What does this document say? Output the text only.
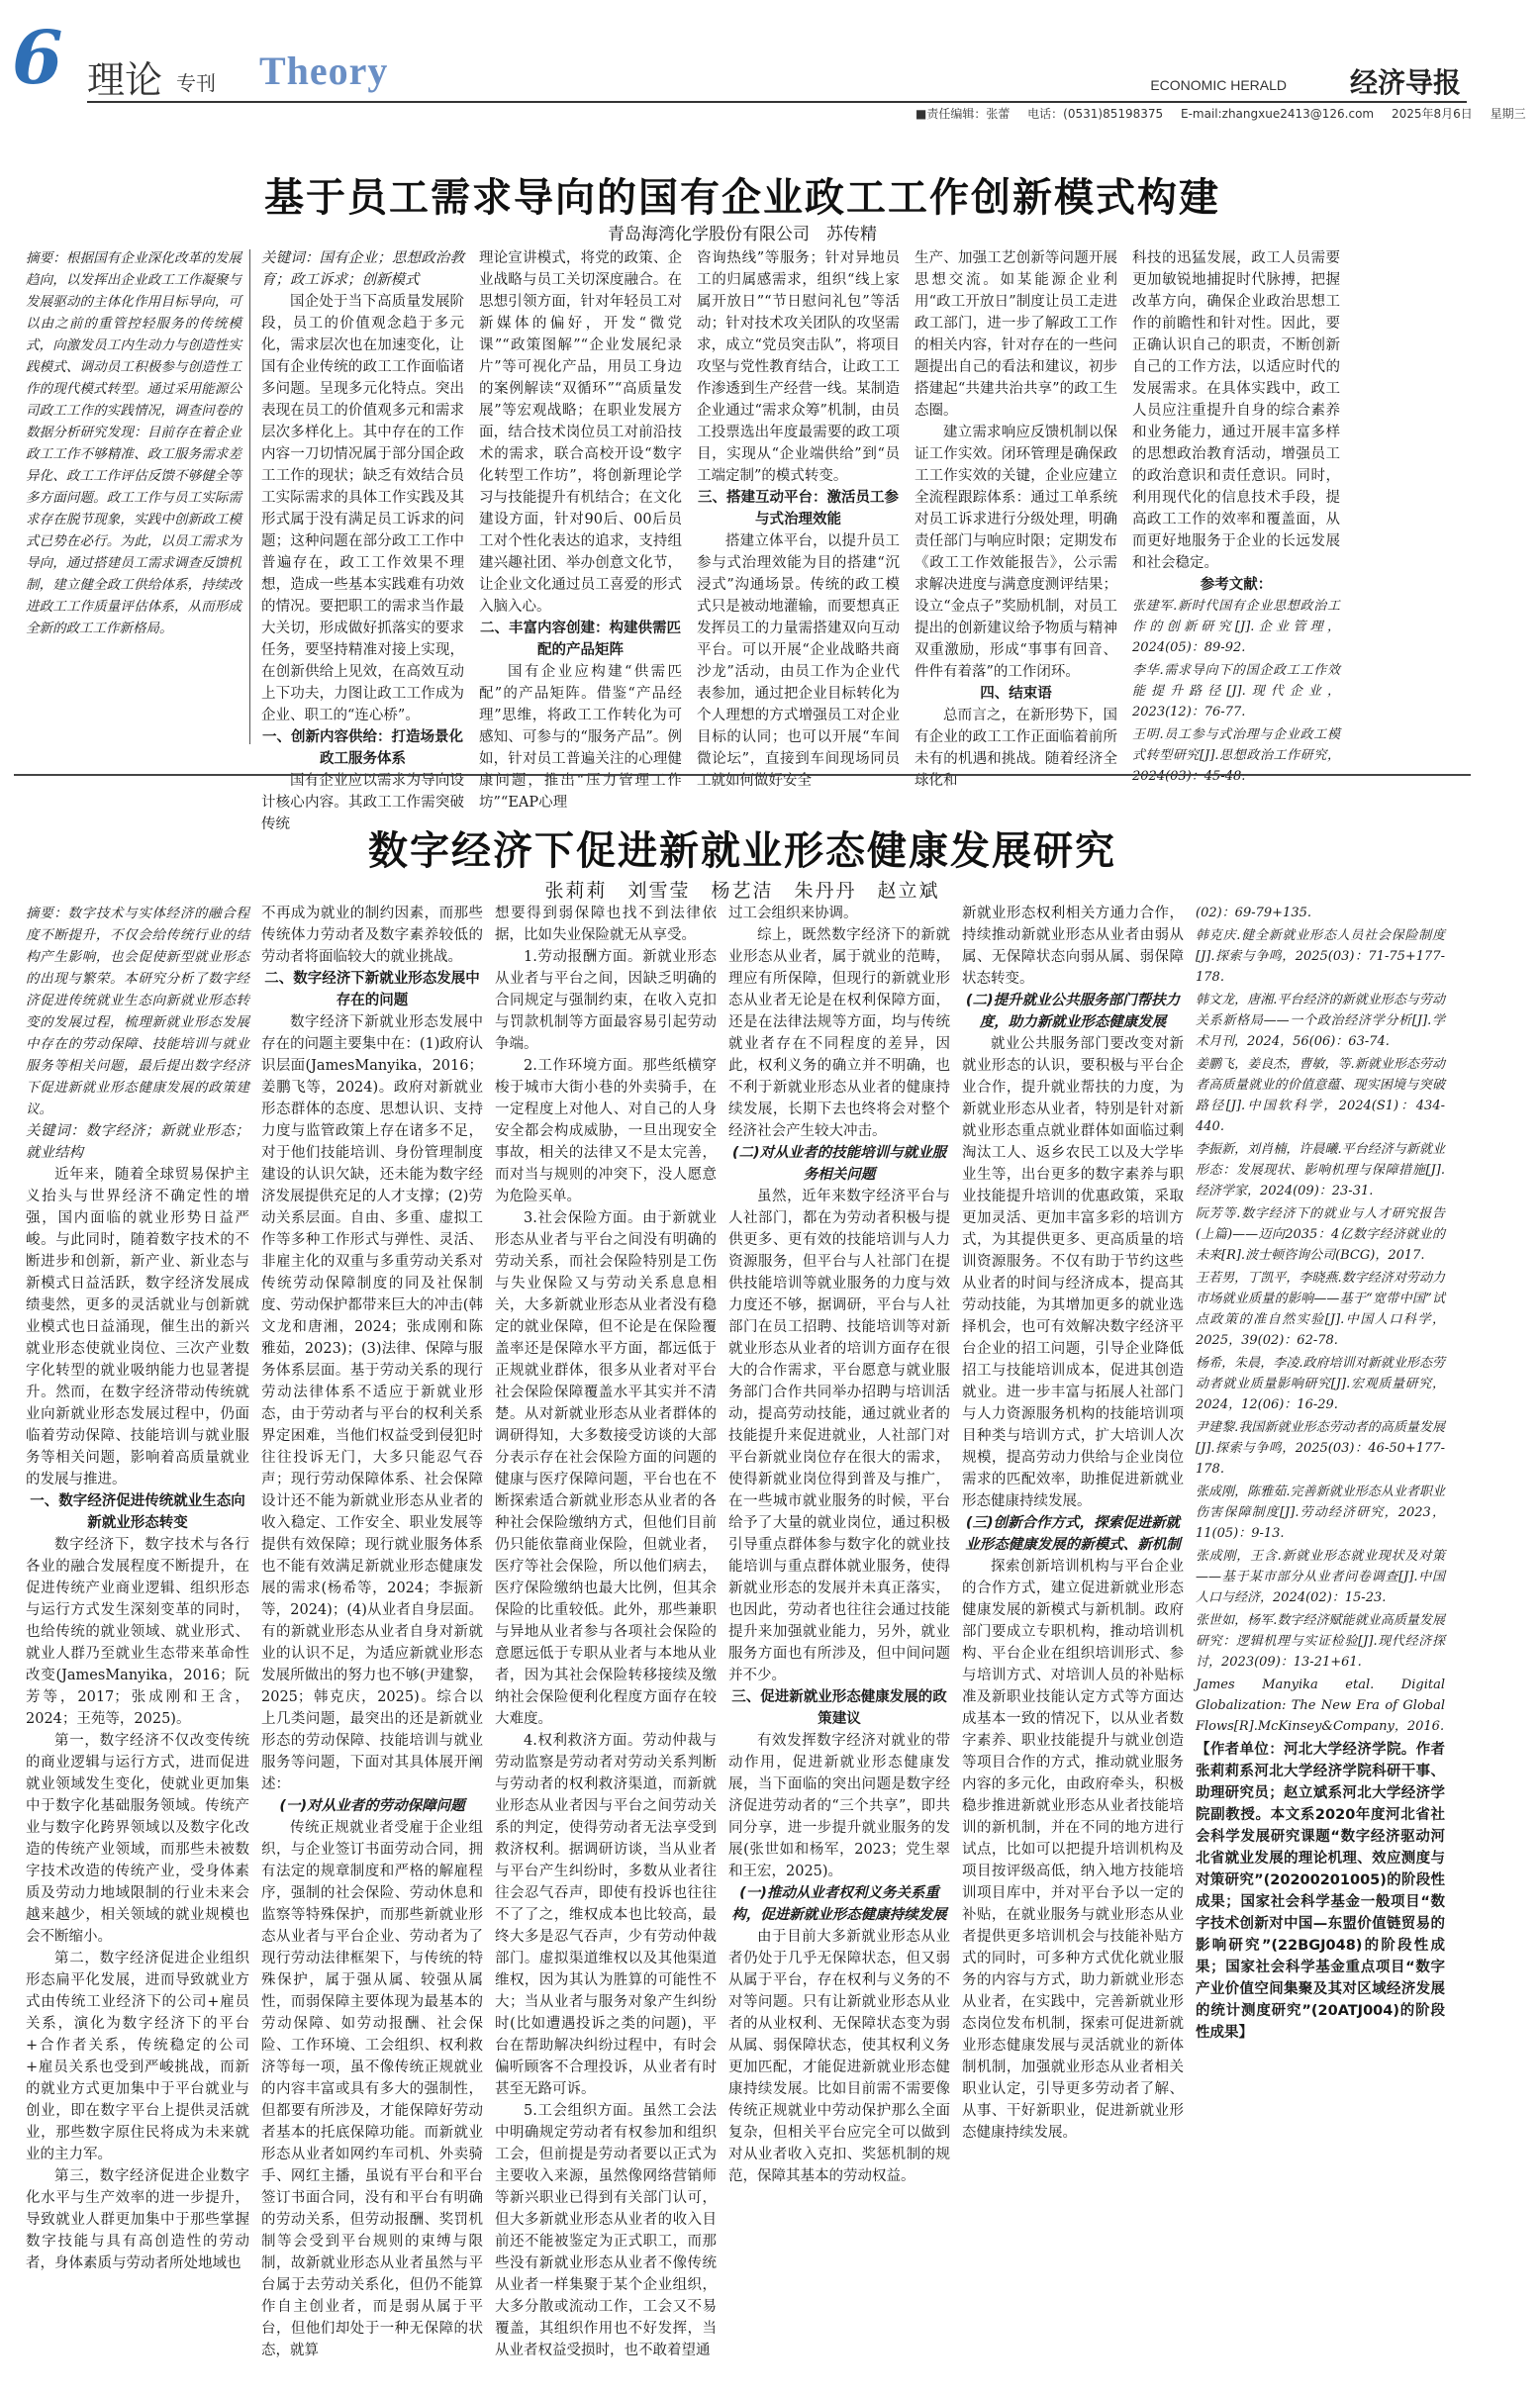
6 理论 专刊 Theory	ECONOMIC HERALD 经济导报
■责任编辑：张蕾 电话：(0531)85198375 E-mail:zhangxue2413@126.com 2025年8月6日 星期三
基于员工需求导向的国有企业政工工作创新模式构建
青岛海湾化学股份有限公司　苏传精

摘要：根据国有企业深化改革的发展趋向，以发挥出企业政工工作凝聚与发展驱动的主体化作用目标导向，可以由之前的重管控轻服务的传统模式，向激发员工内生动力与创造性实践模式、调动员工积极参与创造性工作的现代模式转型。通过采用能源公司政工工作的实践情况，调查问卷的数据分析研究发现：目前存在着企业政工工作不够精准、政工服务需求差异化、政工工作评估反馈不够健全等多方面问题。政工工作与员工实际需求存在脱节现象，实践中创新政工模式已势在必行。为此，以员工需求为导向，通过搭建员工需求调查反馈机制，建立健全政工供给体系，持续改进政工工作质量评估体系，从而形成全新的政工工作新格局。

关键词：国有企业；思想政治教育；政工诉求；创新模式

国企处于当下高质量发展阶段，员工的价值观念趋于多元化，需求层次也在加速变化，让国有企业传统的政工工作面临诸多问题。呈现多元化特点。突出表现在员工的价值观多元和需求层次多样化上。其中存在的工作内容一刀切情况属于部分国企政工工作的现状；缺乏有效结合员工实际需求的具体工作实践及其形式属于没有满足员工诉求的问题；这种问题在部分政工工作中普遍存在，政工工作效果不理想，造成一些基本实践难有功效的情况。要把职工的需求当作最大关切，形成做好抓落实的要求任务，要坚持精准对接上实现，在创新供给上见效，在高效互动上下功夫，力图让政工工作成为企业、职工的“连心桥”。

一、创新内容供给：打造场景化政工服务体系

国有企业应以需求为导向设计核心内容。其政工工作需突破传统

理论宣讲模式，将党的政策、企业战略与员工关切深度融合。在思想引领方面，针对年轻员工对新媒体的偏好，开发“微党课”“政策图解”“企业发展纪录片”等可视化产品，用员工身边的案例解读“双循环”“高质量发展”等宏观战略；在职业发展方面，结合技术岗位员工对前沿技术的需求，联合高校开设“数字化转型工作坊”，将创新理论学习与技能提升有机结合；在文化建设方面，针对90后、00后员工对个性化表达的追求，支持组建兴趣社团、举办创意文化节，让企业文化通过员工喜爱的形式入脑入心。

二、丰富内容创建：构建供需匹配的产品矩阵

国有企业应构建“供需匹配”的产品矩阵。借鉴“产品经理”思维，将政工工作转化为可感知、可参与的“服务产品”。例如，针对员工普遍关注的心理健康问题，推出“压力管理工作坊”“EAP心理

咨询热线”等服务；针对异地员工的归属感需求，组织“线上家属开放日”“节日慰问礼包”等活动；针对技术攻关团队的攻坚需求，成立“党员突击队”，将项目攻坚与党性教育结合，让政工工作渗透到生产经营一线。某制造企业通过“需求众筹”机制，由员工投票选出年度最需要的政工项目，实现从“企业端供给”到“员工端定制”的模式转变。

三、搭建互动平台：激活员工参与式治理效能

搭建立体平台，以提升员工参与式治理效能为目的搭建“沉浸式”沟通场景。传统的政工模式只是被动地灌输，而要想真正发挥员工的力量需搭建双向互动平台。可以开展“企业战略共商沙龙”活动，由员工作为企业代表参加，通过把企业目标转化为个人理想的方式增强员工对企业目标的认同；也可以开展“车间微论坛”，直接到车间现场同员工就如何做好安全

生产、加强工艺创新等问题开展思想交流。如某能源企业利用“政工开放日”制度让员工走进政工部门，进一步了解政工工作的相关内容，针对存在的一些问题提出自己的看法和建议，初步搭建起“共建共治共享”的政工生态圈。

建立需求响应反馈机制以保证工作实效。闭环管理是确保政工工作实效的关键，企业应建立全流程跟踪体系：通过工单系统对员工诉求进行分级处理，明确责任部门与响应时限；定期发布《政工工作效能报告》，公示需求解决进度与满意度测评结果；设立“金点子”奖励机制，对员工提出的创新建议给予物质与精神双重激励，形成“事事有回音、件件有着落”的工作闭环。

四、结束语

总而言之，在新形势下，国有企业的政工工作正面临着前所未有的机遇和挑战。随着经济全球化和

科技的迅猛发展，政工人员需要更加敏锐地捕捉时代脉搏，把握改革方向，确保企业政治思想工作的前瞻性和针对性。因此，要正确认识自己的职责，不断创新自己的工作方法，以适应时代的发展需求。在具体实践中，政工人员应注重提升自身的综合素养和业务能力，通过开展丰富多样的思想政治教育活动，增强员工的政治意识和责任意识。同时，利用现代化的信息技术手段，提高政工工作的效率和覆盖面，从而更好地服务于企业的长远发展和社会稳定。

参考文献：

张建军.新时代国有企业思想政治工作的创新研究[J].企业管理，2024(05)：89-92.

李华.需求导向下的国企政工工作效能提升路径[J].现代企业，2023(12)：76-77.

王明.员工参与式治理与企业政工模式转型研究[J].思想政治工作研究，2024(03)：45-48.

数字经济下促进新就业形态健康发展研究
张莉莉　刘雪莹　杨艺洁　朱丹丹　赵立斌

摘要：数字技术与实体经济的融合程度不断提升，不仅会给传统行业的结构产生影响，也会促使新型就业形态的出现与繁荣。本研究分析了数字经济促进传统就业生态向新就业形态转变的发展过程，梳理新就业形态发展中存在的劳动保障、技能培训与就业服务等相关问题，最后提出数字经济下促进新就业形态健康发展的政策建议。

关键词：数字经济；新就业形态；就业结构

近年来，随着全球贸易保护主义抬头与世界经济不确定性的增强，国内面临的就业形势日益严峻。与此同时，随着数字技术的不断进步和创新，新产业、新业态与新模式日益活跃，数字经济发展成绩斐然，更多的灵活就业与创新就业模式也日益涌现，催生出的新兴就业形态使就业岗位、三次产业数字化转型的就业吸纳能力也显著提升。然而，在数字经济带动传统就业向新就业形态发展过程中，仍面临着劳动保障、技能培训与就业服务等相关问题，影响着高质量就业的发展与推进。

一、数字经济促进传统就业生态向新就业形态转变

数字经济下，数字技术与各行各业的融合发展程度不断提升，在促进传统产业商业逻辑、组织形态与运行方式发生深刻变革的同时，也给传统的就业领域、就业形式、就业人群乃至就业生态带来革命性改变(JamesManyika，2016；阮芳等，2017；张成刚和王含，2024；王苑等，2025)。

第一，数字经济不仅改变传统的商业逻辑与运行方式，进而促进就业领域发生变化，使就业更加集中于数字化基础服务领域。传统产业与数字化跨界领域以及数字化改造的传统产业领域，而那些未被数字技术改造的传统产业，受身体素质及劳动力地域限制的行业未来会越来越少，相关领域的就业规模也会不断缩小。

第二，数字经济促进企业组织形态扁平化发展，进而导致就业方式由传统工业经济下的公司+雇员关系，演化为数字经济下的平台+合作者关系，传统稳定的公司+雇员关系也受到严峻挑战，而新的就业方式更加集中于平台就业与创业，即在数字平台上提供灵活就业，那些数字原住民将成为未来就业的主力军。

第三，数字经济促进企业数字化水平与生产效率的进一步提升，导致就业人群更加集中于那些掌握数字技能与具有高创造性的劳动者，身体素质与劳动者所处地域也

不再成为就业的制约因素，而那些传统体力劳动者及数字素养较低的劳动者将面临较大的就业挑战。

二、数字经济下新就业形态发展中存在的问题

数字经济下新就业形态发展中存在的问题主要集中在：(1)政府认识层面(JamesManyika，2016；姜鹏飞等，2024)。政府对新就业形态群体的态度、思想认识、支持力度与监管政策上存在诸多不足，对于他们技能培训、身份管理制度建设的认识欠缺，还未能为数字经济发展提供充足的人才支撑；(2)劳动关系层面。自由、多重、虚拟工作等多种工作形式与弹性、灵活、非雇主化的双重与多重劳动关系对传统劳动保障制度的同及社保制度、劳动保护都带来巨大的冲击(韩文龙和唐湘，2024；张成刚和陈雅茹，2023)；(3)法律、保障与服务体系层面。基于劳动关系的现行劳动法律体系不适应于新就业形态，由于劳动者与平台的权利关系界定困难，当他们权益受到侵犯时往往投诉无门，大多只能忍气吞声；现行劳动保障体系、社会保障设计还不能为新就业形态从业者的收入稳定、工作安全、职业发展等提供有效保障；现行就业服务体系也不能有效满足新就业形态健康发展的需求(杨希等，2024；李振新等，2024)；(4)从业者自身层面。有的新就业形态从业者自身对新就业的认识不足，为适应新就业形态发展所做出的努力也不够(尹建黎，2025；韩克庆，2025)。综合以上几类问题，最突出的还是新就业形态的劳动保障、技能培训与就业服务等问题，下面对其具体展开阐述：

(一)对从业者的劳动保障问题

传统正规就业者受雇于企业组织，与企业签订书面劳动合同，拥有法定的规章制度和严格的解雇程序，强制的社会保险、劳动休息和监察等特殊保护，而那些新就业形态从业者与平台企业、劳动者为了现行劳动法律框架下，与传统的特殊保护，属于强从属、较强从属性，而弱保障主要体现为最基本的劳动保障、如劳动报酬、社会保险、工作环境、工会组织、权利救济等每一项，虽不像传统正规就业的内容丰富或具有多大的强制性，但都要有所涉及，才能保障好劳动者基本的托底保障功能。而新就业形态从业者如网约车司机、外卖骑手、网红主播，虽说有平台和平台签订书面合同，没有和平台有明确的劳动关系，但劳动报酬、奖罚机制等会受到平台规则的束缚与限制，故新就业形态从业者虽然与平台属于去劳动关系化，但仍不能算作自主创业者，而是弱从属于平台，但他们却处于一种无保障的状态，就算

想要得到弱保障也找不到法律依据，比如失业保险就无从享受。

1.劳动报酬方面。新就业形态从业者与平台之间，因缺乏明确的合同规定与强制约束，在收入克扣与罚款机制等方面最容易引起劳动争端。

2.工作环境方面。那些纸横穿梭于城市大街小巷的外卖骑手，在一定程度上对他人、对自己的人身安全都会构成威胁，一旦出现安全事故，相关的法律又不是太完善，而对当与规则的冲突下，没人愿意为危险买单。

3.社会保险方面。由于新就业形态从业者与平台之间没有明确的劳动关系，而社会保险特别是工伤与失业保险又与劳动关系息息相关，大多新就业形态从业者没有稳定的就业保障，但不论是在保险覆盖率还是保障水平方面，都远低于正规就业群体，很多从业者对平台社会保险保障覆盖水平其实并不清楚。从对新就业形态从业者群体的调研得知，大多数接受访谈的大部分表示存在社会保险方面的问题的健康与医疗保障问题，平台也在不断探索适合新就业形态从业者的各种社会保险缴纳方式，但他们目前仍只能依靠商业保险，但就业者，医疗等社会保险，所以他们病去，医疗保险缴纳也最大比例，但其余保险的比重较低。此外，那些兼职与异地从业者参与各项社会保险的意愿远低于专职从业者与本地从业者，因为其社会保险转移接续及缴纳社会保险便利化程度方面存在较大难度。

4.权利救济方面。劳动仲裁与劳动监察是劳动者对劳动关系判断与劳动者的权利救济渠道，而新就业形态从业者因与平台之间劳动关系的判定，使得劳动者无法享受到救济权利。据调研访谈，当从业者与平台产生纠纷时，多数从业者往往会忍气吞声，即使有投诉也往往不了了之，维权成本也比较高，最终大多是忍气吞声，少有劳动仲裁部门。虚拟渠道维权以及其他渠道维权，因为其认为胜算的可能性不大；当从业者与服务对象产生纠纷时(比如遭遇投诉之类的问题)，平台在帮助解决纠纷过程中，有时会偏听顾客不合理投诉，从业者有时甚至无路可诉。

5.工会组织方面。虽然工会法中明确规定劳动者有权参加和组织工会，但前提是劳动者要以正式为主要收入来源，虽然像网络营销师等新兴职业已得到有关部门认可，但大多新就业形态从业者的收入目前还不能被鉴定为正式职工，而那些没有新就业形态从业者不像传统从业者一样集聚于某个企业组织，大多分散或流动工作，工会又不易覆盖，其组织作用也不好发挥，当从业者权益受损时，也不敢着望通

过工会组织来协调。

综上，既然数字经济下的新就业形态从业者，属于就业的范畴，理应有所保障，但现行的新就业形态从业者无论是在权利保障方面，还是在法律法规等方面，均与传统就业者存在不同程度的差异，因此，权利义务的确立并不明确，也不利于新就业形态从业者的健康持续发展，长期下去也终将会对整个经济社会产生较大冲击。

(二)对从业者的技能培训与就业服务相关问题

虽然，近年来数字经济平台与人社部门，都在为劳动者积极与提供更多、更有效的技能培训与人力资源服务，但平台与人社部门在提供技能培训等就业服务的力度与效力度还不够，据调研，平台与人社部门在员工招聘、技能培训等对新就业形态从业者的培训方面存在很大的合作需求，平台愿意与就业服务部门合作共同举办招聘与培训活动，提高劳动技能，通过就业者的技能提升来促进就业，人社部门对平台新就业岗位存在很大的需求，使得新就业岗位得到普及与推广，在一些城市就业服务的时候，平台给予了大量的就业岗位，通过积极引导重点群体参与数字化的就业技能培训与重点群体就业服务，使得新就业形态的发展并未真正落实，也因此，劳动者也往往会通过技能提升来加强就业能力，另外，就业服务方面也有所涉及，但中间问题并不少。

三、促进新就业形态健康发展的政策建议

有效发挥数字经济对就业的带动作用，促进新就业形态健康发展，当下面临的突出问题是数字经济促进劳动者的“三个共享”，即共同分享，进一步提升就业服务的发展(张世如和杨军，2023；党生翠和王宏，2025)。

(一)推动从业者权利义务关系重构，促进新就业形态健康持续发展

由于目前大多新就业形态从业者仍处于几乎无保障状态，但又弱从属于平台，存在权利与义务的不对等问题。只有让新就业形态从业者的从业权利、无保障状态变为弱从属、弱保障状态，使其权利义务更加匹配，才能促进新就业形态健康持续发展。比如目前需不需要像传统正规就业中劳动保护那么全面复杂，但相关平台应完全可以做到对从业者收入克扣、奖惩机制的规范，保障其基本的劳动权益。

新就业形态权利相关方通力合作，持续推动新就业形态从业者由弱从属、无保障状态向弱从属、弱保障状态转变。

(二)提升就业公共服务部门帮扶力度，助力新就业形态健康发展

就业公共服务部门要改变对新就业形态的认识，要积极与平台企业合作，提升就业帮扶的力度，为新就业形态从业者，特别是针对新就业形态重点就业群体如面临过剩淘汰工人、返乡农民工以及大学毕业生等，出台更多的数字素养与职业技能提升培训的优惠政策，采取更加灵活、更加丰富多彩的培训方式，为其提供更多、更高质量的培训资源服务。不仅有助于节约这些从业者的时间与经济成本，提高其劳动技能，为其增加更多的就业选择机会，也可有效解决数字经济平台企业的招工问题，引导企业降低招工与技能培训成本，促进其创造就业。进一步丰富与拓展人社部门与人力资源服务机构的技能培训项目种类与培训方式，扩大培训人次规模，提高劳动力供给与企业岗位需求的匹配效率，助推促进新就业形态健康持续发展。

(三)创新合作方式，探索促进新就业形态健康发展的新模式、新机制

探索创新培训机构与平台企业的合作方式，建立促进新就业形态健康发展的新模式与新机制。政府部门要成立专职机构，推动培训机构、平台企业在组织培训形式、参与培训方式、对培训人员的补贴标准及新职业技能认定方式等方面达成基本一致的情况下，以从业者数字素养、职业技能提升与就业创造等项目合作的方式，推动就业服务内容的多元化，由政府牵头，积极稳步推进新就业形态从业者技能培训的新机制，并在不同的地方进行试点，比如可以把提升培训机构及项目按评级高低，纳入地方技能培训项目库中，并对平台予以一定的补贴，在就业服务与就业形态从业者提供更多培训机会与技能补贴方式的同时，可多种方式优化就业服务的内容与方式，助力新就业形态从业者，在实践中，完善新就业形态岗位发布机制，探索可促进新就业形态健康发展与灵活就业的新体制机制，加强就业形态从业者相关职业认定，引导更多劳动者了解、从事、干好新职业，促进新就业形态健康持续发展。

(02)：69-79+135.

韩克庆.健全新就业形态人员社会保险制度[J].探索与争鸣，2025(03)：71-75+177-178.

韩文龙，唐湘.平台经济的新就业形态与劳动关系新格局——一个政治经济学分析[J].学术月刊，2024，56(06)：63-74.

姜鹏飞，姜良杰，曹敏，等.新就业形态劳动者高质量就业的价值意蕴、现实困境与突破路径[J].中国软科学，2024(S1)：434-440.

李振新，刘肖楠，许晨曦.平台经济与新就业形态：发展现状、影响机理与保障措施[J].经济学家，2024(09)：23-31.

阮芳等.数字经济下的就业与人才研究报告(上篇)——迈向2035：4亿数字经济就业的未来[R].波士顿咨询公司(BCG)，2017.

王若男，丁凯平，李晓燕.数字经济对劳动力市场就业质量的影响——基于“宽带中国”试点政策的准自然实验[J].中国人口科学，2025，39(02)：62-78.

杨希，朱晨，李凌.政府培训对新就业形态劳动者就业质量影响研究[J].宏观质量研究，2024，12(06)：16-29.

尹建黎.我国新就业形态劳动者的高质量发展[J].探索与争鸣，2025(03)：46-50+177-178.

张成刚，陈雅茹.完善新就业形态从业者职业伤害保障制度[J].劳动经济研究，2023，11(05)：9-13.

张成刚，王含.新就业形态就业现状及对策——基于某市部分从业者问卷调查[J].中国人口与经济，2024(02)：15-23.

张世如，杨军.数字经济赋能就业高质量发展研究：逻辑机理与实证检验[J].现代经济探讨，2023(09)：13-21+61.

James Manyika etal. Digital Globalization: The New Era of Global Flows[R].McKinsey&Company，2016.

【作者单位：河北大学经济学院。作者张莉莉系河北大学经济学院科研干事、助理研究员；赵立斌系河北大学经济学院副教授。本文系2020年度河北省社会科学发展研究课题“数字经济驱动河北省就业发展的理论机理、效应测度与对策研究”(20200201005)的阶段性成果；国家社会科学基金一般项目“数字技术创新对中国—东盟价值链贸易的影响研究”(22BGJ048)的阶段性成果；国家社会科学基金重点项目“数字产业价值空间集聚及其对区域经济发展的统计测度研究”(20ATJ004)的阶段性成果】
